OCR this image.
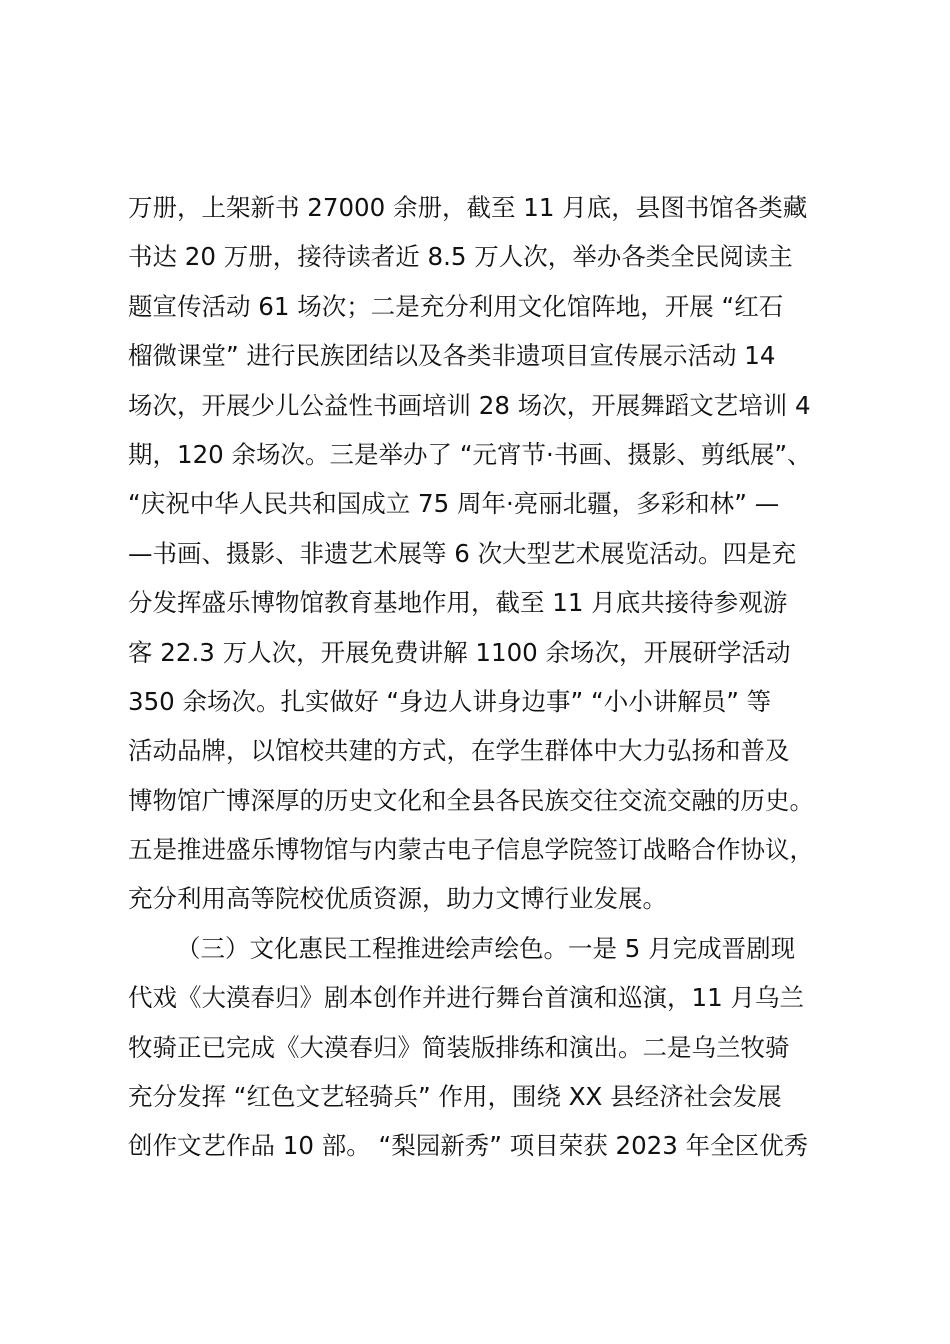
万册，上架新书 27000 余册，截至 11 月底，县图书馆各类藏
书达 20 万册，接待读者近 8.5 万人次，举办各类全民阅读主
题宣传活动 61 场次；二是充分利用文化馆阵地，开展 “红石
榴微课堂” 进行民族团结以及各类非遗项目宣传展示活动 14
场次，开展少儿公益性书画培训 28 场次，开展舞蹈文艺培训 4
期，120 余场次。三是举办了 “元宵节·书画、摄影、剪纸展”、
“庆祝中华人民共和国成立 75 周年·亮丽北疆，多彩和林” —
—书画、摄影、非遗艺术展等 6 次大型艺术展览活动。四是充
分发挥盛乐博物馆教育基地作用，截至 11 月底共接待参观游
客 22.3 万人次，开展免费讲解 1100 余场次，开展研学活动
350 余场次。扎实做好 “身边人讲身边事” “小小讲解员” 等
活动品牌，以馆校共建的方式，在学生群体中大力弘扬和普及
博物馆广博深厚的历史文化和全县各民族交往交流交融的历史。
五是推进盛乐博物馆与内蒙古电子信息学院签订战略合作协议，
充分利用高等院校优质资源，助力文博行业发展。
（三）文化惠民工程推进绘声绘色。一是 5 月完成晋剧现
代戏《大漠春归》剧本创作并进行舞台首演和巡演，11 月乌兰
牧骑正已完成《大漠春归》简装版排练和演出。二是乌兰牧骑
充分发挥 “红色文艺轻骑兵” 作用，围绕 XX 县经济社会发展
创作文艺作品 10 部。 “梨园新秀” 项目荣获 2023 年全区优秀
